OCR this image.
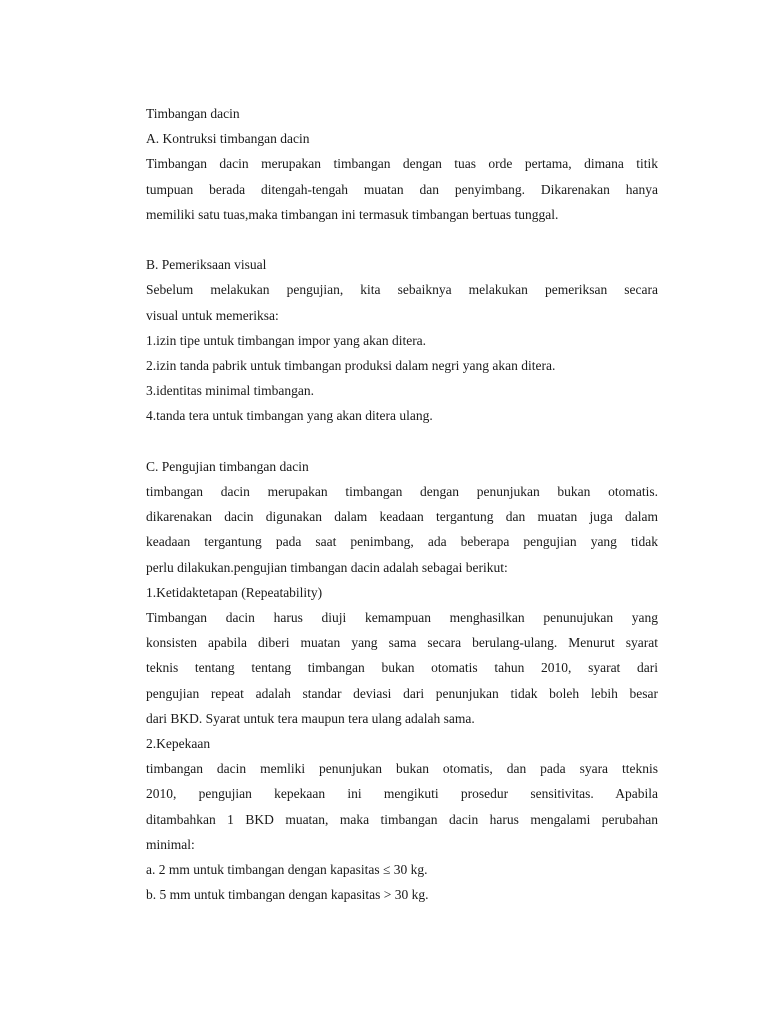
Timbangan dacin
A. Kontruksi timbangan dacin
Timbangan dacin merupakan timbangan dengan tuas orde pertama, dimana titik
tumpuan berada ditengah-tengah muatan dan penyimbang. Dikarenakan hanya
memiliki satu tuas,maka timbangan ini termasuk timbangan bertuas tunggal.
B. Pemeriksaan visual
Sebelum melakukan pengujian, kita sebaiknya melakukan pemeriksan secara
visual untuk memeriksa:
1.izin tipe untuk timbangan impor yang akan ditera.
2.izin tanda pabrik untuk timbangan produksi dalam negri yang akan ditera.
3.identitas minimal timbangan.
4.tanda tera untuk timbangan yang akan ditera ulang.
C. Pengujian timbangan dacin
timbangan dacin merupakan timbangan dengan penunjukan bukan otomatis.
dikarenakan dacin digunakan dalam keadaan tergantung dan muatan juga dalam
keadaan tergantung pada saat penimbang, ada beberapa pengujian yang tidak
perlu dilakukan.pengujian timbangan dacin adalah sebagai berikut:
1.Ketidaktetapan (Repeatability)
Timbangan dacin harus diuji kemampuan menghasilkan penunujukan yang
konsisten apabila diberi muatan yang sama secara berulang-ulang. Menurut syarat
teknis tentang tentang timbangan bukan otomatis tahun 2010, syarat dari
pengujian repeat adalah standar deviasi dari penunjukan tidak boleh lebih besar
dari BKD. Syarat untuk tera maupun tera ulang adalah sama.
2.Kepekaan
timbangan dacin memliki penunjukan bukan otomatis, dan pada syara tteknis
2010, pengujian kepekaan ini mengikuti prosedur sensitivitas. Apabila
ditambahkan 1 BKD muatan, maka timbangan dacin harus mengalami perubahan
minimal:
a. 2 mm untuk timbangan dengan kapasitas ≤ 30 kg.
b. 5 mm untuk timbangan dengan kapasitas > 30 kg.
